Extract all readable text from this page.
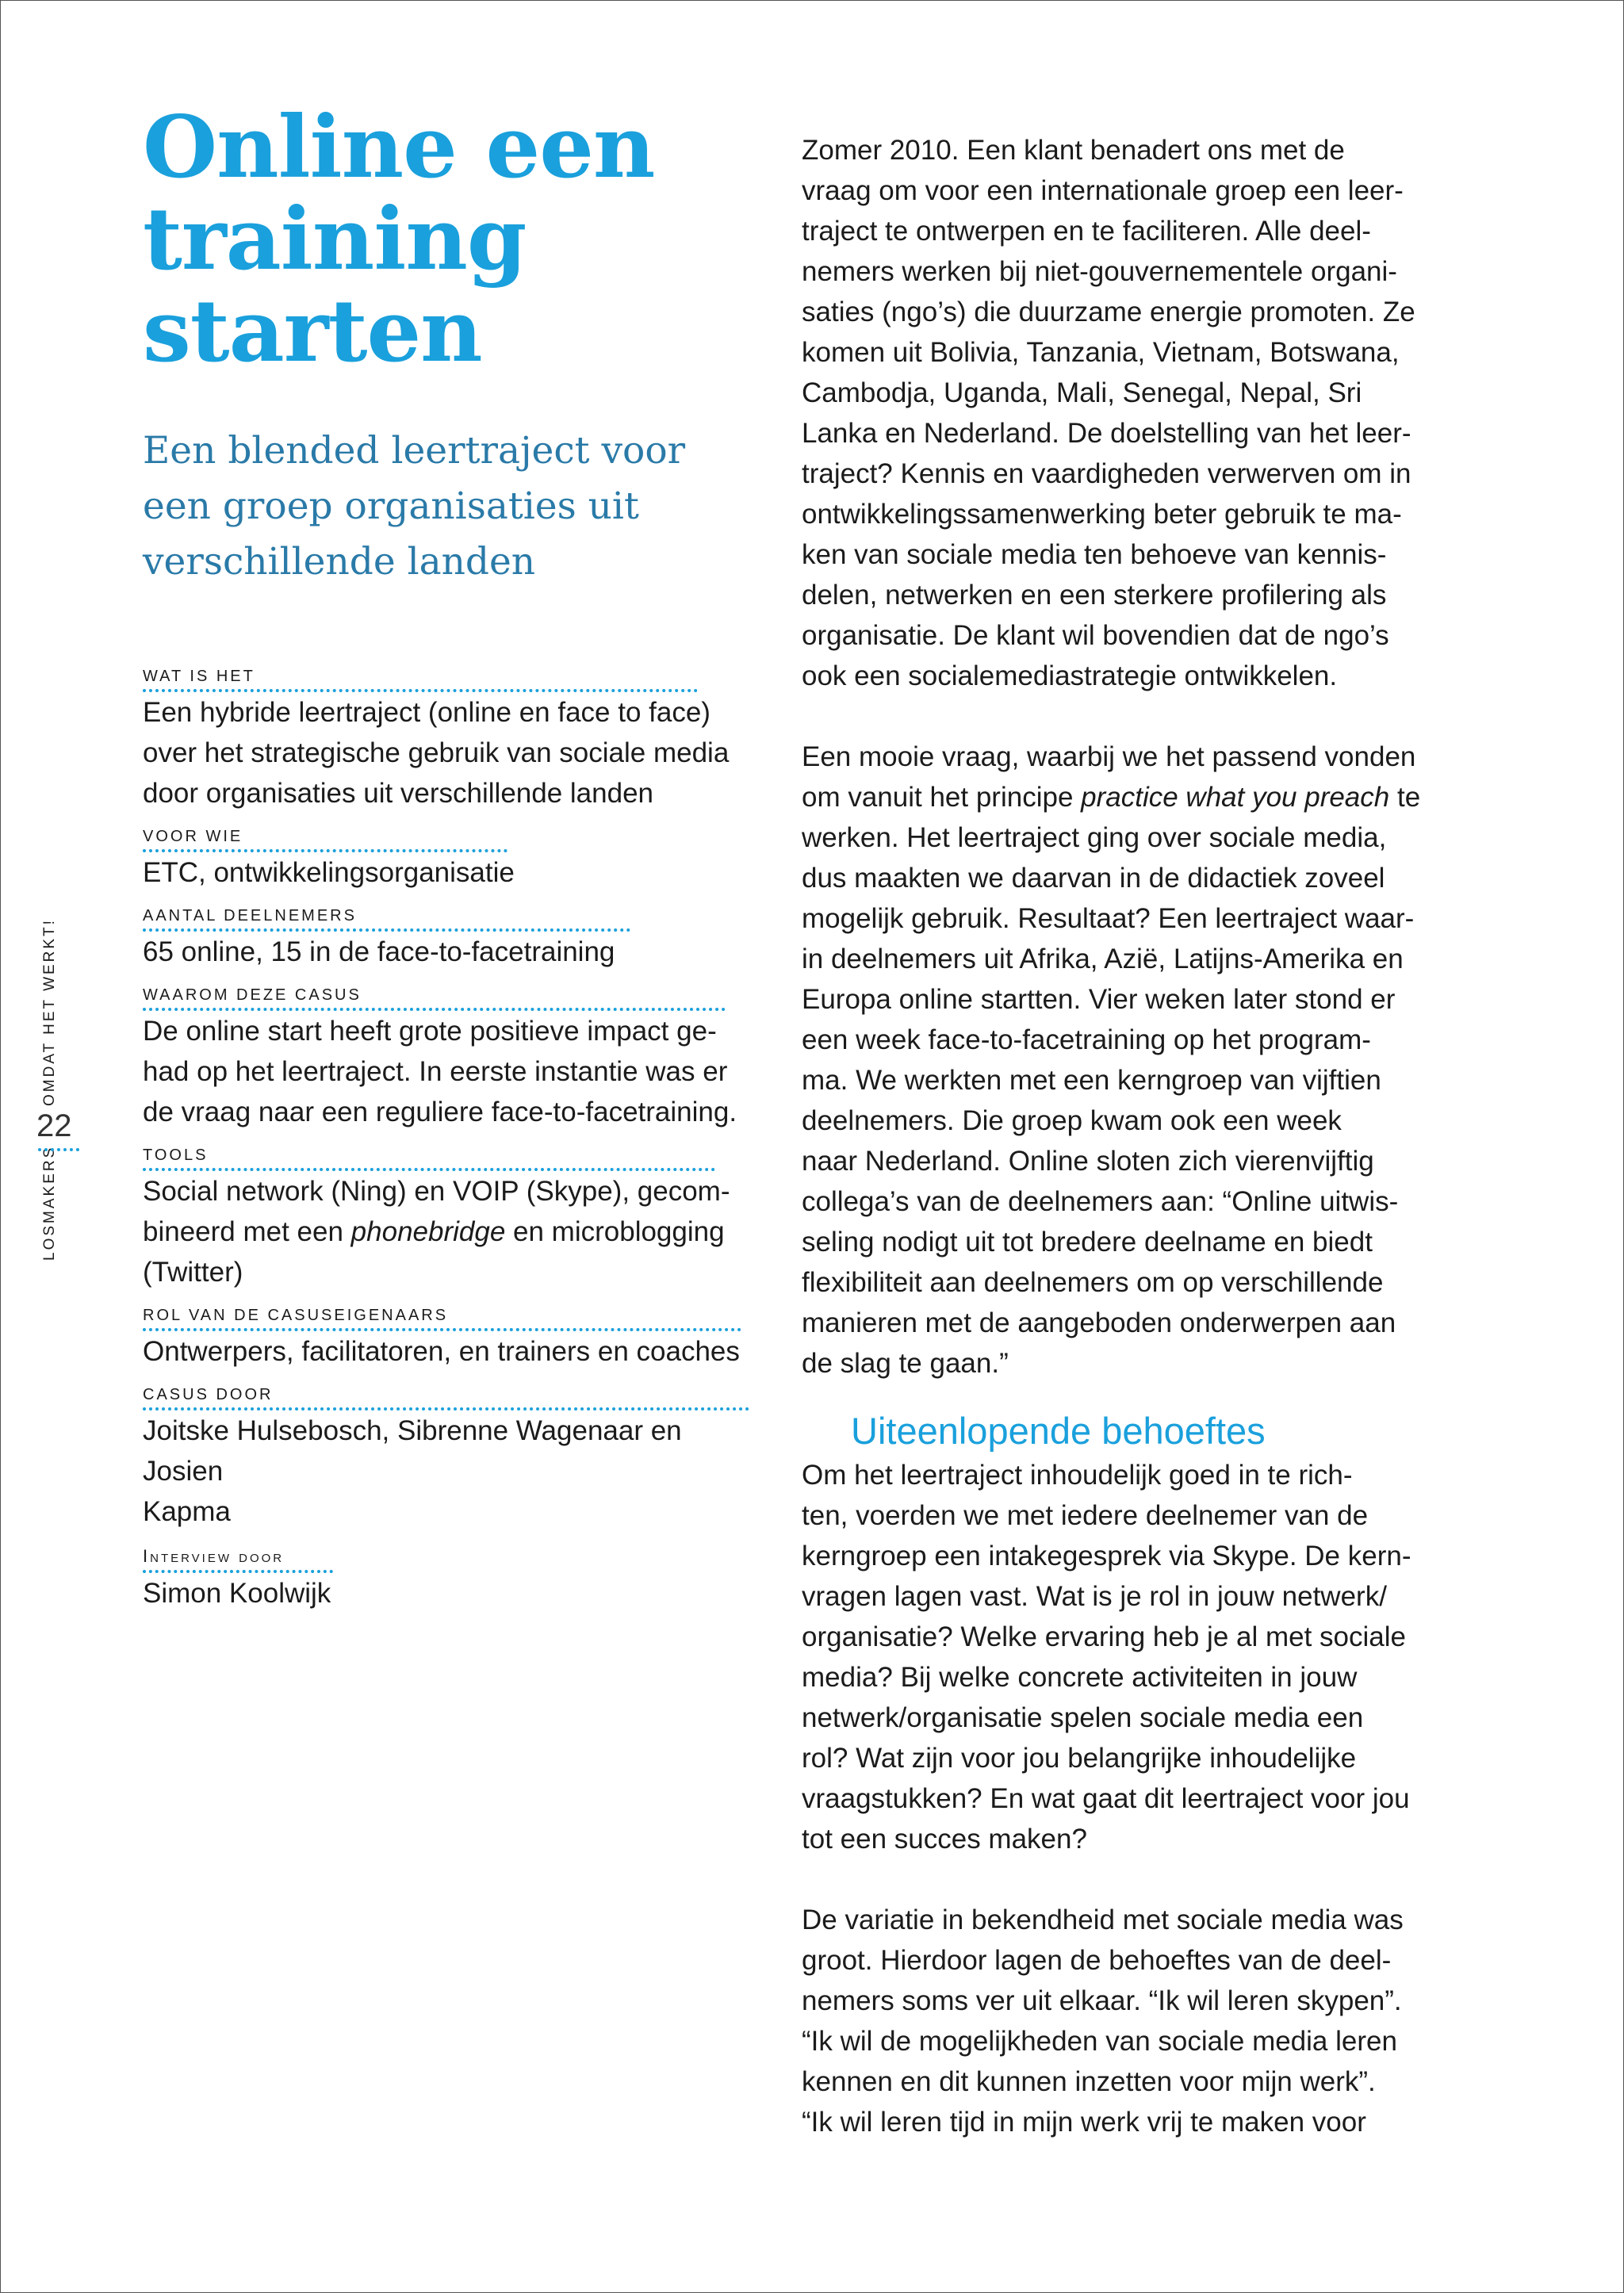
Online een
training
starten
Een blended leertraject voor
een groep organisaties uit
verschillende landen
WAT IS HET
Een hybride leertraject (online en face to face)
over het strategische gebruik van sociale media
door organisaties uit verschillende landen
VOOR WIE
ETC, ontwikkelingsorganisatie
AANTAL DEELNEMERS
65 online, 15 in de face-to-facetraining
WAAROM DEZE CASUS
De online start heeft grote positieve impact ge-
had op het leertraject. In eerste instantie was er
de vraag naar een reguliere face-to-facetraining.
TOOLS
Social network (Ning) en VOIP (Skype), gecom-
bineerd met een phonebridge en microblogging
(Twitter)
ROL VAN DE CASUSEIGENAARS
Ontwerpers, facilitatoren, en trainers en coaches
CASUS DOOR
Joitske Hulsebosch, Sibrenne Wagenaar en Josien
Kapma
Interview door
Simon Koolwijk
LOSMAKERS
OMDAT HET WERKT!
22
Zomer 2010. Een klant benadert ons met de
vraag om voor een internationale groep een leer-
traject te ontwerpen en te faciliteren. Alle deel-
nemers werken bij niet-gouvernementele organi-
saties (ngo’s) die duurzame energie promoten. Ze
komen uit Bolivia, Tanzania, Vietnam, Botswana,
Cambodja, Uganda, Mali, Senegal, Nepal, Sri
Lanka en Nederland. De doelstelling van het leer-
traject? Kennis en vaardigheden verwerven om in
ontwikkelingssamenwerking beter gebruik te ma-
ken van sociale media ten behoeve van kennis-
delen, netwerken en een sterkere profilering als
organisatie. De klant wil bovendien dat de ngo’s
ook een socialemediastrategie ontwikkelen.
Een mooie vraag, waarbij we het passend vonden
om vanuit het principe practice what you preach te
werken. Het leertraject ging over sociale media,
dus maakten we daarvan in de didactiek zoveel
mogelijk gebruik. Resultaat? Een leertraject waar-
in deelnemers uit Afrika, Azië, Latijns-Amerika en
Europa online startten. Vier weken later stond er
een week face-to-facetraining op het program-
ma. We werkten met een kerngroep van vijftien
deelnemers. Die groep kwam ook een week
naar Nederland. Online sloten zich vierenvijftig
collega’s van de deelnemers aan: “Online uitwis-
seling nodigt uit tot bredere deelname en biedt
flexibiliteit aan deelnemers om op verschillende
manieren met de aangeboden onderwerpen aan
de slag te gaan.”
Uiteenlopende behoeftes
Om het leertraject inhoudelijk goed in te rich-
ten, voerden we met iedere deelnemer van de
kerngroep een intakegesprek via Skype. De kern-
vragen lagen vast. Wat is je rol in jouw netwerk/
organisatie? Welke ervaring heb je al met sociale
media? Bij welke concrete activiteiten in jouw
netwerk/organisatie spelen sociale media een
rol? Wat zijn voor jou belangrijke inhoudelijke
vraagstukken? En wat gaat dit leertraject voor jou
tot een succes maken?
De variatie in bekendheid met sociale media was
groot. Hierdoor lagen de behoeftes van de deel-
nemers soms ver uit elkaar. “Ik wil leren skypen”.
“Ik wil de mogelijkheden van sociale media leren
kennen en dit kunnen inzetten voor mijn werk”.
“Ik wil leren tijd in mijn werk vrij te maken voor
